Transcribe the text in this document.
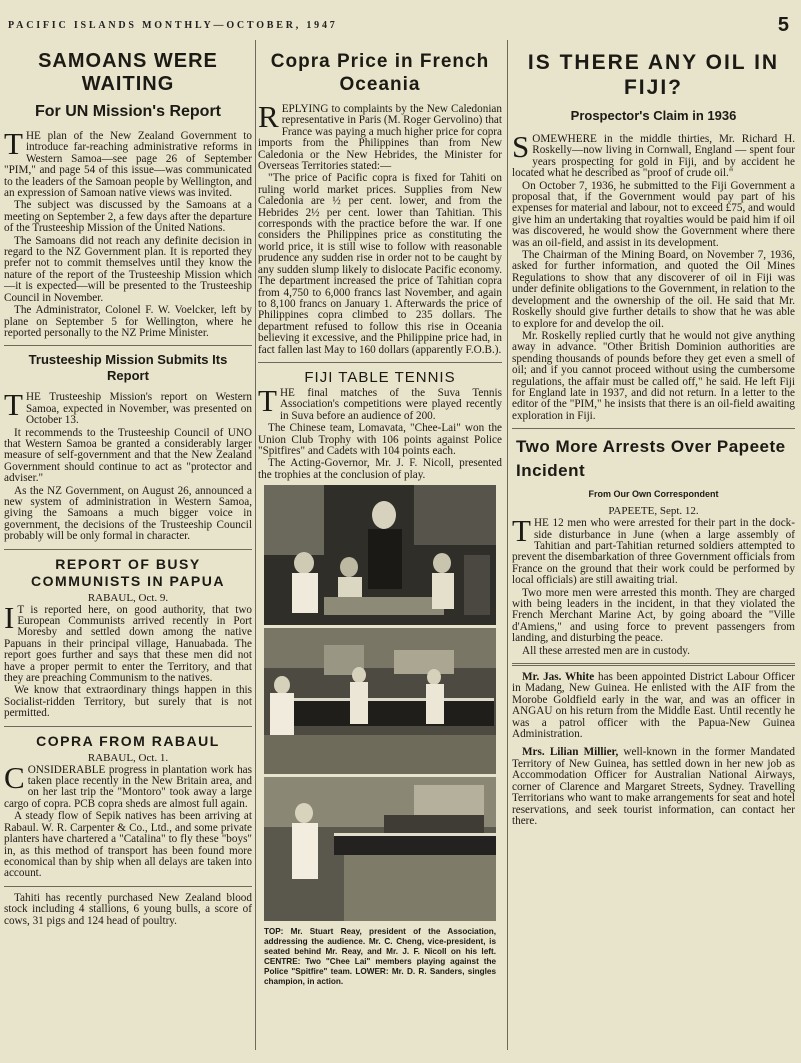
PACIFIC ISLANDS MONTHLY—OCTOBER, 1947	5
SAMOANS WERE WAITING
For UN Mission's Report

THE plan of the New Zealand Government to introduce far-reaching administrative reforms in Western Samoa—see page 26 of September "PIM," and page 54 of this issue—was communicated to the leaders of the Samoan people by Wellington, and an expression of Samoan native views was invited.

The subject was discussed by the Samoans at a meeting on September 2, a few days after the departure of the Trusteeship Mission of the United Nations.

The Samoans did not reach any definite decision in regard to the NZ Government plan. It is reported they prefer not to commit themselves until they know the nature of the report of the Trusteeship Mission which—it is expected—will be presented to the Trusteeship Council in November.

The Administrator, Colonel F. W. Voelcker, left by plane on September 5 for Wellington, where he reported personally to the NZ Prime Minister.

Trusteeship Mission Submits Its Report

THE Trusteeship Mission's report on Western Samoa, expected in November, was presented on October 13.

It recommends to the Trusteeship Council of UNO that Western Samoa be granted a considerably larger measure of self-government and that the New Zealand Government should continue to act as "protector and adviser."

As the NZ Government, on August 26, announced a new system of administration in Western Samoa, giving the Samoans a much bigger voice in government, the decisions of the Trusteeship Council probably will be only formal in character.

REPORT OF BUSY COMMUNISTS IN PAPUA
RABAUL, Oct. 9.

IT is reported here, on good authority, that two European Communists arrived recently in Port Moresby and settled down among the native Papuans in their principal village, Hanuabada. The report goes further and says that these men did not have a proper permit to enter the Territory, and that they are preaching Communism to the natives.

We know that extraordinary things happen in this Socialist-ridden Territory, but surely that is not permitted.

COPRA FROM RABAUL
RABAUL, Oct. 1.

CONSIDERABLE progress in plantation work has taken place recently in the New Britain area, and on her last trip the "Montoro" took away a large cargo of copra. PCB copra sheds are almost full again.

A steady flow of Sepik natives has been arriving at Rabaul. W. R. Carpenter & Co., Ltd., and some private planters have chartered a "Catalina" to fly these "boys" in, as this method of transport has been found more economical than by ship when all delays are taken into account.

Tahiti has recently purchased New Zealand blood stock including 4 stallions, 6 young bulls, a score of cows, 31 pigs and 124 head of poultry.

Copra Price in French Oceania

REPLYING to complaints by the New Caledonian representative in Paris (M. Roger Gervolino) that France was paying a much higher price for copra imports from the Philippines than from New Caledonia or the New Hebrides, the Minister for Overseas Territories stated:—

"The price of Pacific copra is fixed for Tahiti on ruling world market prices. Supplies from New Caledonia are ½ per cent. lower, and from the Hebrides 2½ per cent. lower than Tahitian. This corresponds with the practice before the war. If one considers the Philippines price as constituting the world price, it is still wise to follow with reasonable prudence any sudden rise in order not to be caught by any sudden slump likely to dislocate Pacific economy. The department increased the price of Tahitian copra from 4,750 to 6,000 francs last November, and again to 8,100 francs on January 1. Afterwards the price of Philippines copra climbed to 235 dollars. The department refused to follow this rise in Oceania believing it excessive, and the Philippine price had, in fact fallen last May to 160 dollars (apparently F.O.B.).

FIJI TABLE TENNIS

THE final matches of the Suva Tennis Association's competitions were played recently in Suva before an audience of 200.

The Chinese team, Lomavata, "Chee-Lai" won the Union Club Trophy with 106 points against Police "Spitfires" and Cadets with 104 points each.

The Acting-Governor, Mr. J. F. Nicoll, presented the trophies at the conclusion of play.

TOP: Mr. Stuart Reay, president of the Association, addressing the audience. Mr. C. Cheng, vice-president, is seated behind Mr. Reay, and Mr. J. F. Nicoll on his left. CENTRE: Two "Chee Lai" members playing against the Police "Spitfire" team. LOWER: Mr. D. R. Sanders, singles champion, in action.

IS THERE ANY OIL IN FIJI?
Prospector's Claim in 1936

SOMEWHERE in the middle thirties, Mr. Richard H. Roskelly—now living in Cornwall, England — spent four years prospecting for gold in Fiji, and by accident he located what he described as "proof of crude oil."

On October 7, 1936, he submitted to the Fiji Government a proposal that, if the Government would pay part of his expenses for material and labour, not to exceed £75, and would give him an undertaking that royalties would be paid him if oil was discovered, he would show the Government where there was an oil-field, and assist in its development.

The Chairman of the Mining Board, on November 7, 1936, asked for further information, and quoted the Oil Mines Regulations to show that any discoverer of oil in Fiji was under definite obligations to the Government, in relation to the development and the ownership of the oil. He said that Mr. Roskelly should give further details to show that he was able to explore for and develop the oil.

Mr. Roskelly replied curtly that he would not give anything away in advance. "Other British Dominion authorities are spending thousands of pounds before they get even a smell of oil; and if you cannot proceed without using the cumbersome regulations, the affair must be called off," he said. He left Fiji for England late in 1937, and did not return. In a letter to the editor of the "PIM," he insists that there is an oil-field awaiting exploration in Fiji.

Two More Arrests Over Papeete Incident
From Our Own Correspondent
PAPEETE, Sept. 12.

THE 12 men who were arrested for their part in the dock-side disturbance in June (when a large assembly of Tahitian and part-Tahitian returned soldiers attempted to prevent the disembarkation of three Government officials from France on the ground that their work could be performed by local officials) are still awaiting trial.

Two more men were arrested this month. They are charged with being leaders in the incident, in that they violated the French Merchant Marine Act, by going aboard the "Ville d'Amiens," and using force to prevent passengers from landing, and disturbing the peace.

All these arrested men are in custody.

Mr. Jas. White has been appointed District Labour Officer in Madang, New Guinea. He enlisted with the AIF from the Morobe Goldfield early in the war, and was an officer in ANGAU on his return from the Middle East. Until recently he was a patrol officer with the Papua-New Guinea Administration.

Mrs. Lilian Millier, well-known in the former Mandated Territory of New Guinea, has settled down in her new job as Accommodation Officer for Australian National Airways, corner of Clarence and Margaret Streets, Sydney. Travelling Territorians who want to make arrangements for seat and hotel reservations, and seek tourist information, can contact her there.
